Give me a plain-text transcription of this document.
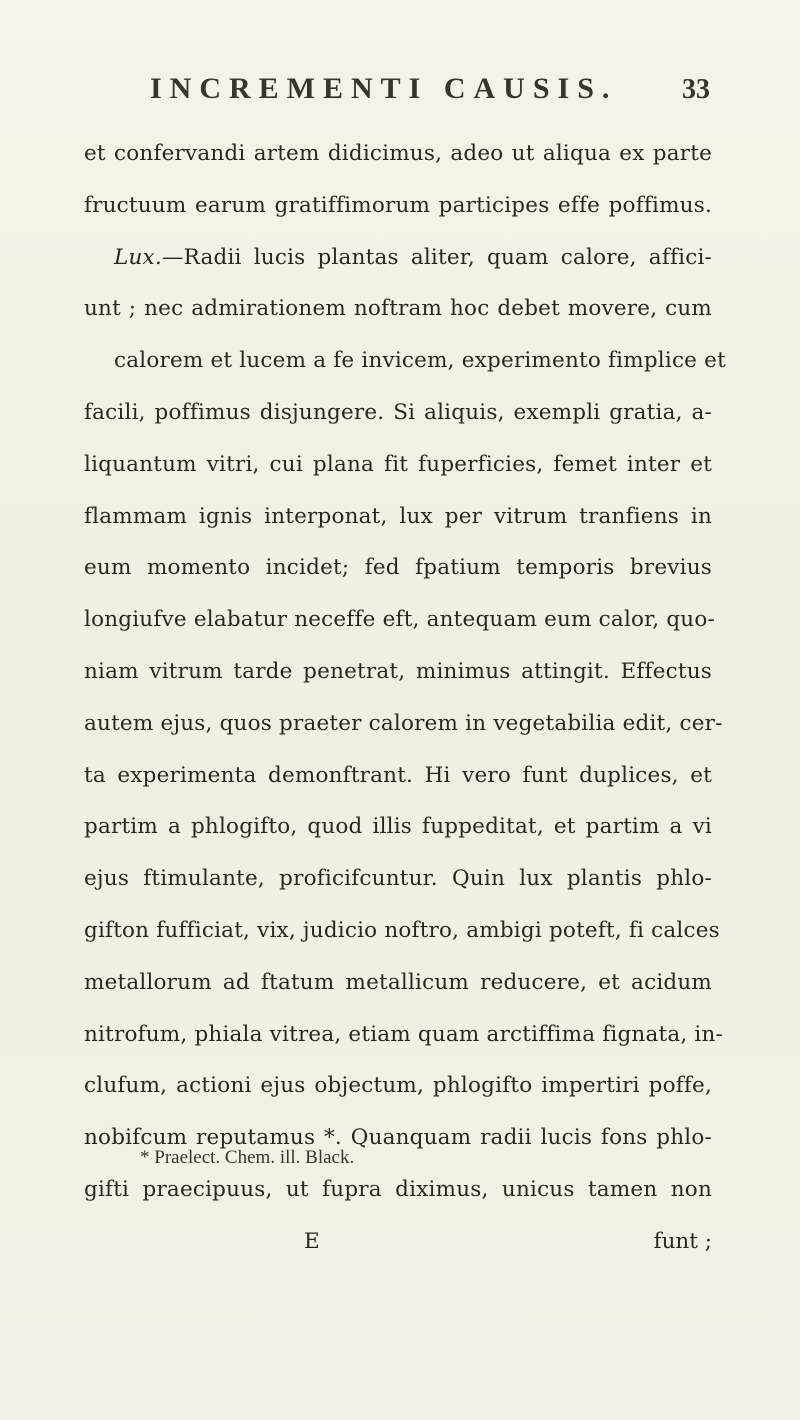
INCREMENTI CAUSIS. 33
et confervandi artem didicimus, adeo ut aliqua ex parte
fructuum earum gratiffimorum participes effe poffimus.
Lux.—Radii lucis plantas aliter, quam calore, affici-
unt ; nec admirationem noftram hoc debet movere, cum
calorem et lucem a fe invicem, experimento fimplice et
facili, poffimus disjungere. Si aliquis, exempli gratia, a-
liquantum vitri, cui plana fit fuperficies, femet inter et
flammam ignis interponat, lux per vitrum tranfiens in
eum momento incidet; fed fpatium temporis brevius
longiufve elabatur neceffe eft, antequam eum calor, quo-
niam vitrum tarde penetrat, minimus attingit. Effectus
autem ejus, quos praeter calorem in vegetabilia edit, cer-
ta experimenta demonftrant. Hi vero funt duplices, et
partim a phlogifto, quod illis fuppeditat, et partim a vi
ejus ftimulante, proficifcuntur. Quin lux plantis phlo-
gifton fufficiat, vix, judicio noftro, ambigi poteft, fi calces
metallorum ad ftatum metallicum reducere, et acidum
nitrofum, phiala vitrea, etiam quam arctiffima fignata, in-
clufum, actioni ejus objectum, phlogifto impertiri poffe,
nobifcum reputamus *. Quanquam radii lucis fons phlo-
gifti praecipuus, ut fupra diximus, unicus tamen non
E	funt ;
* Praelect. Chem. ill. Black.
